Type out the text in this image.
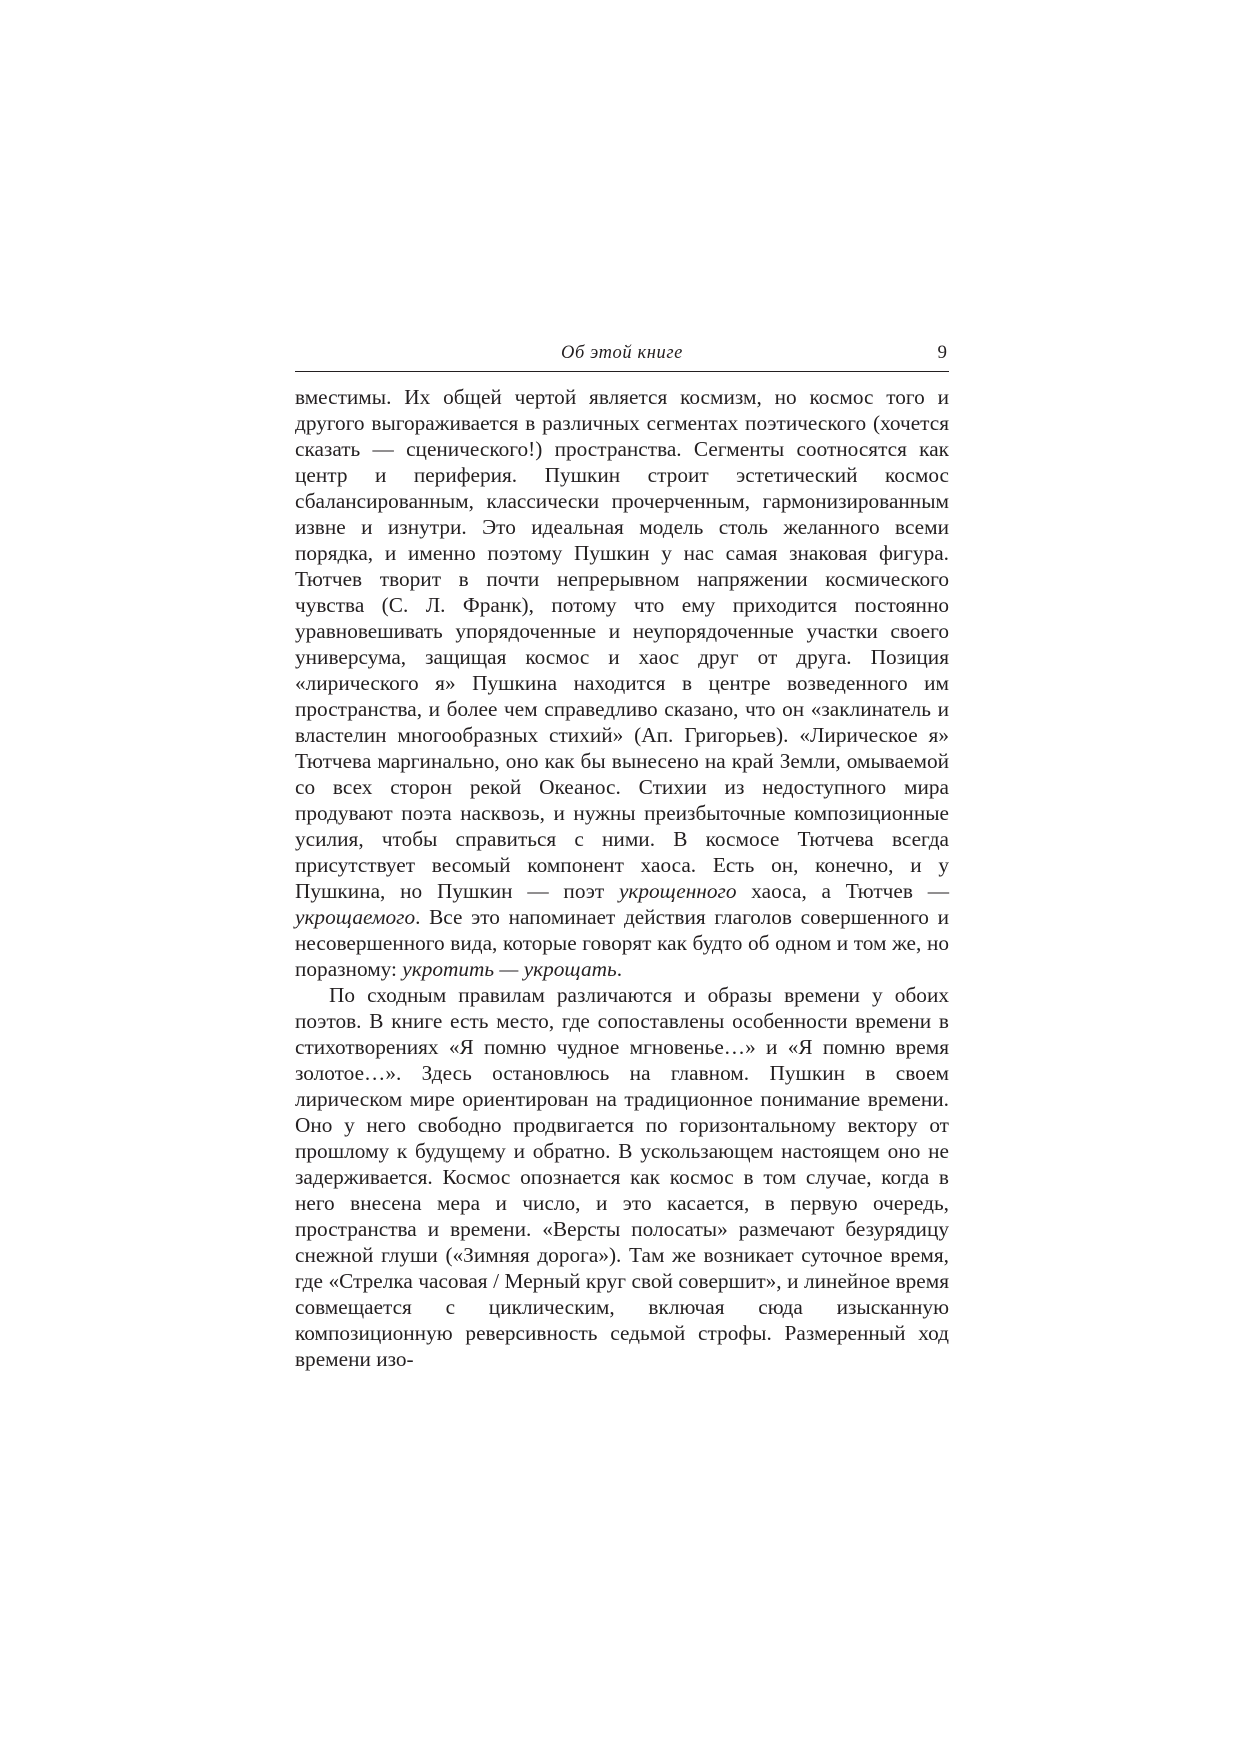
Об этой книге	9

вместимы. Их общей чертой является космизм, но космос того и другого выгораживается в различных сегментах поэтического (хочется сказать — сценического!) пространства. Сегменты соотносятся как центр и периферия. Пушкин строит эстетический космос сбалансированным, классически прочерченным, гармонизированным извне и изнутри. Это идеальная модель столь желанного всеми порядка, и именно поэтому Пушкин у нас самая знаковая фигура. Тютчев творит в почти непрерывном напряжении космического чувства (С. Л. Франк), потому что ему приходится постоянно уравновешивать упорядоченные и неупорядоченные участки своего универсума, защищая космос и хаос друг от друга. Позиция «лирического я» Пушкина находится в центре возведенного им пространства, и более чем справедливо сказано, что он «заклинатель и властелин многообразных стихий» (Ап. Григорьев). «Лирическое я» Тютчева маргинально, оно как бы вынесено на край Земли, омываемой со всех сторон рекой Океанос. Стихии из недоступного мира продувают поэта насквозь, и нужны преизбыточные композиционные усилия, чтобы справиться с ними. В космосе Тютчева всегда присутствует весомый компонент хаоса. Есть он, конечно, и у Пушкина, но Пушкин — поэт укрощенного хаоса, а Тютчев — укрощаемого. Все это напоминает действия глаголов совершенного и несовершенного вида, которые говорят как будто об одном и том же, но поразному: укротить — укрощать.

По сходным правилам различаются и образы времени у обоих поэтов. В книге есть место, где сопоставлены особенности времени в стихотворениях «Я помню чудное мгновенье…» и «Я помню время золотое…». Здесь остановлюсь на главном. Пушкин в своем лирическом мире ориентирован на традиционное понимание времени. Оно у него свободно продвигается по горизонтальному вектору от прошлому к будущему и обратно. В ускользающем настоящем оно не задерживается. Космос опознается как космос в том случае, когда в него внесена мера и число, и это касается, в первую очередь, пространства и времени. «Версты полосаты» размечают безурядицу снежной глуши («Зимняя дорога»). Там же возникает суточное время, где «Стрелка часовая / Мерный круг свой совершит», и линейное время совмещается с циклическим, включая сюда изысканную композиционную реверсивность седьмой строфы. Размеренный ход времени изо-
